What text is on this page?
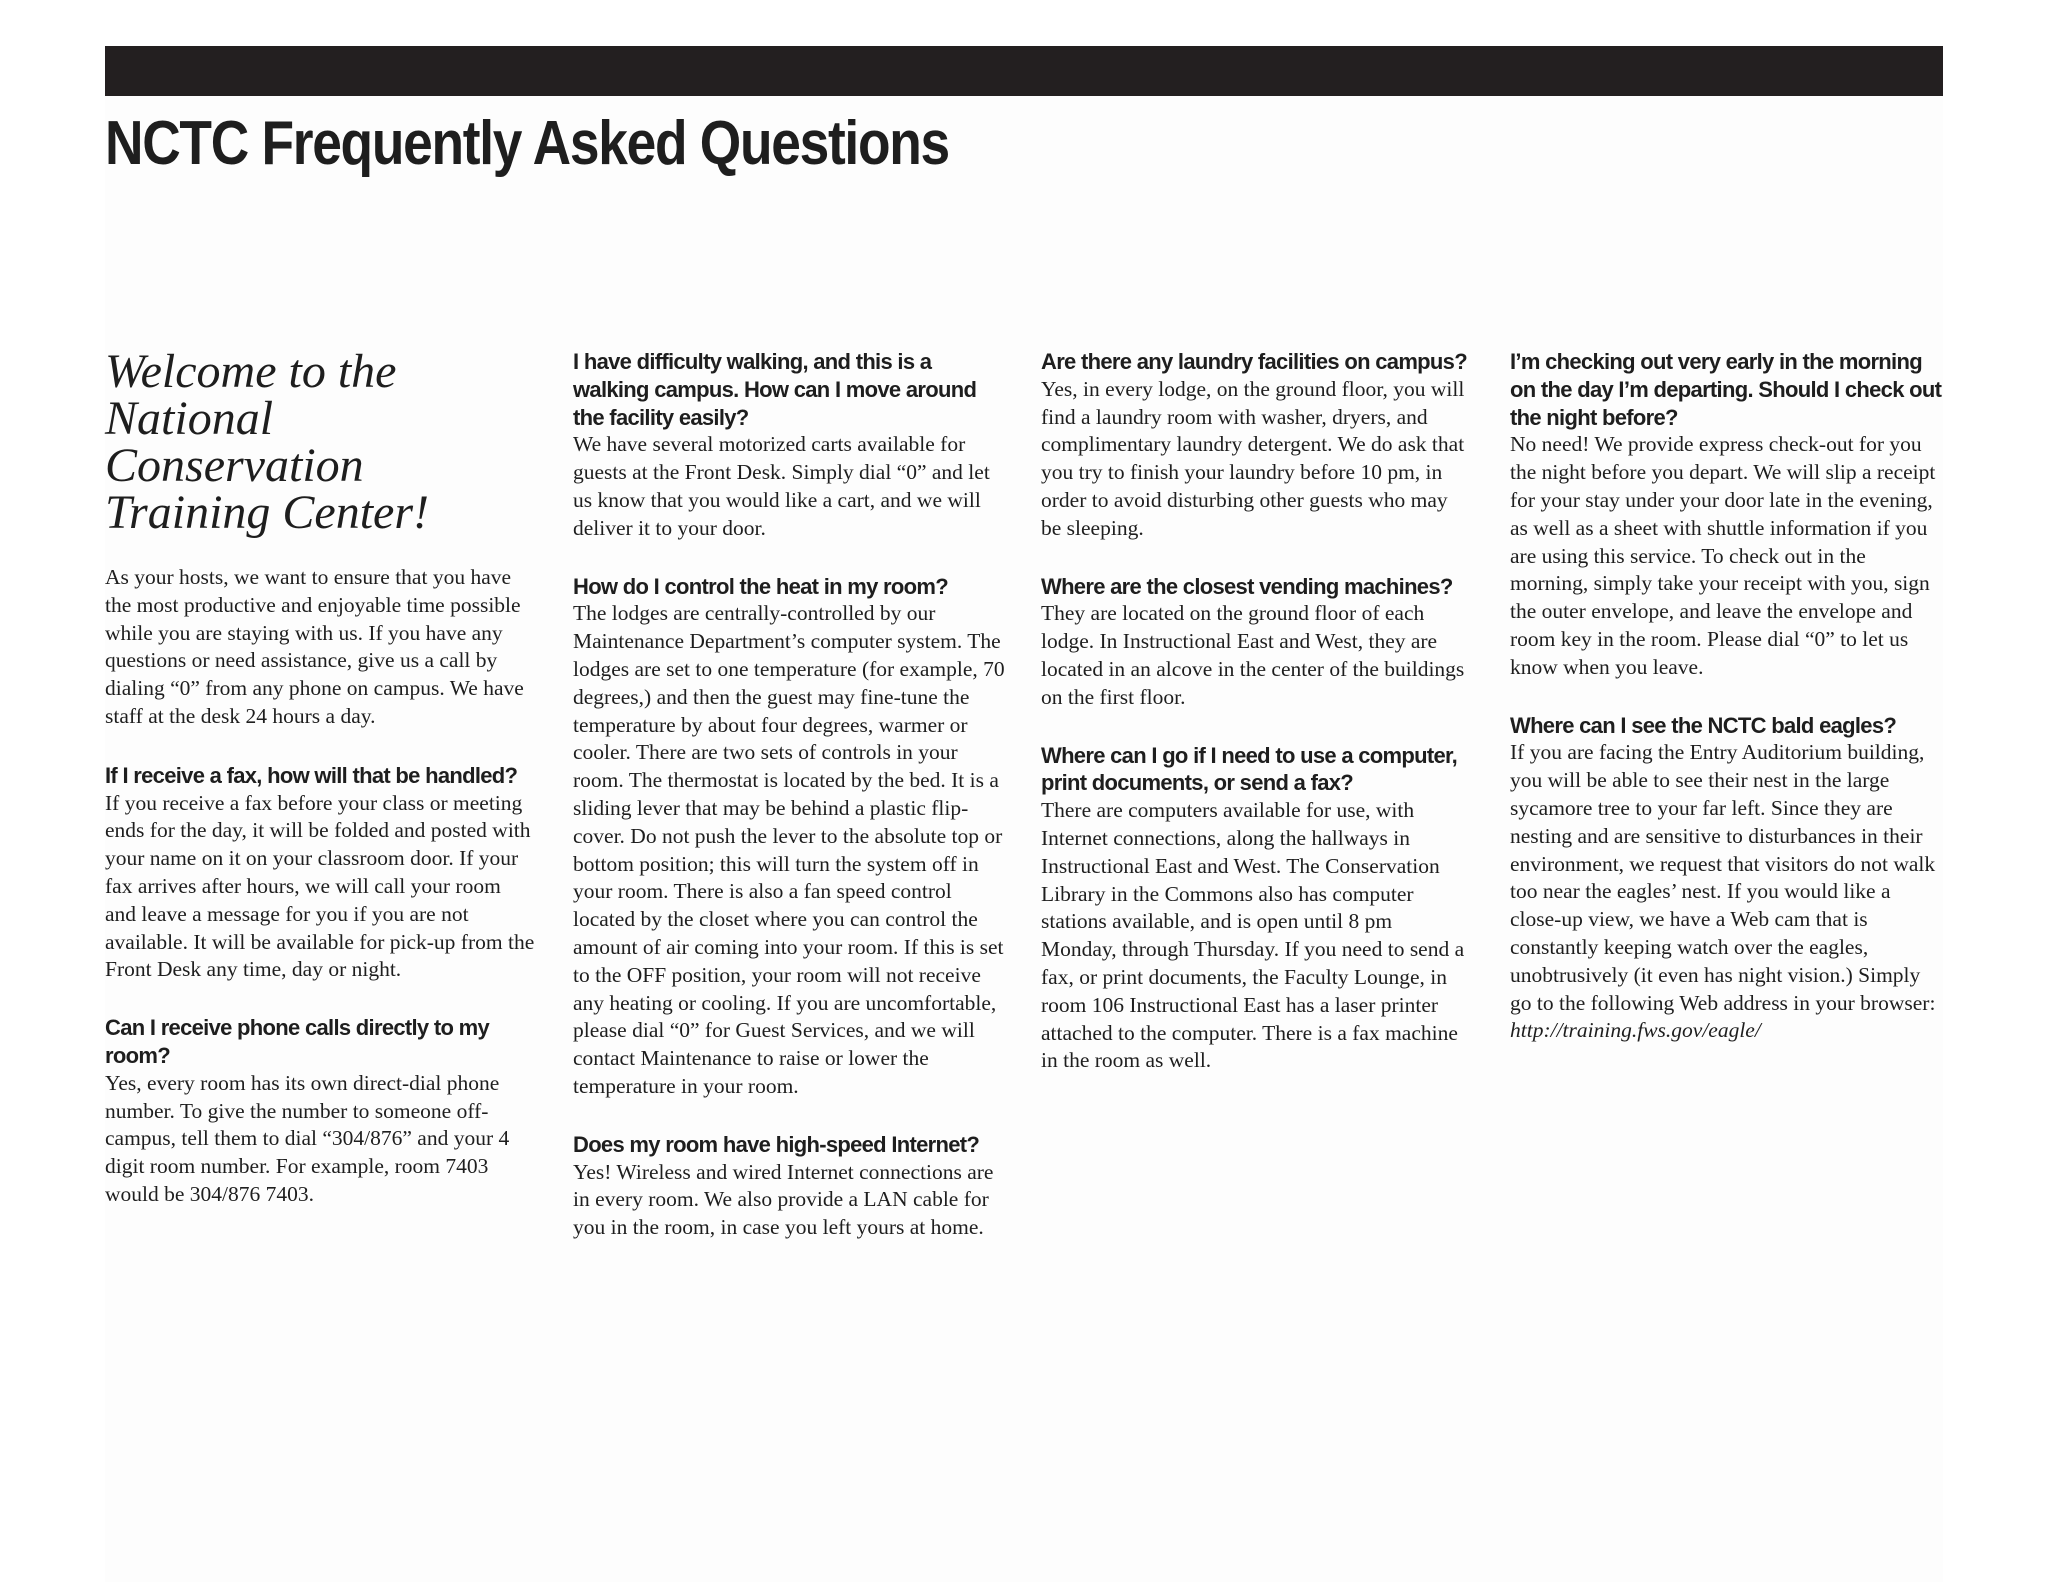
NCTC Frequently Asked Questions
Welcome to the National Conservation Training Center!

As your hosts, we want to ensure that you have the most productive and enjoyable time possible while you are staying with us. If you have any questions or need assistance, give us a call by dialing “0” from any phone on campus. We have staff at the desk 24 hours a day.

If I receive a fax, how will that be handled?

If you receive a fax before your class or meeting ends for the day, it will be folded and posted with your name on it on your classroom door. If your fax arrives after hours, we will call your room and leave a message for you if you are not available. It will be available for pick-up from the Front Desk any time, day or night.

Can I receive phone calls directly to my room?

Yes, every room has its own direct-dial phone number. To give the number to someone off-campus, tell them to dial “304/876” and your 4 digit room number. For example, room 7403 would be 304/876 7403.

I have difficulty walking, and this is a walking campus. How can I move around the facility easily?

We have several motorized carts available for guests at the Front Desk. Simply dial “0” and let us know that you would like a cart, and we will deliver it to your door.

How do I control the heat in my room?

The lodges are centrally-controlled by our Maintenance Department’s computer system. The lodges are set to one temperature (for example, 70 degrees,) and then the guest may fine-tune the temperature by about four degrees, warmer or cooler. There are two sets of controls in your room. The thermostat is located by the bed. It is a sliding lever that may be behind a plastic flip-cover. Do not push the lever to the absolute top or bottom position; this will turn the system off in your room. There is also a fan speed control located by the closet where you can control the amount of air coming into your room. If this is set to the OFF position, your room will not receive any heating or cooling. If you are uncomfortable, please dial “0” for Guest Services, and we will contact Maintenance to raise or lower the temperature in your room.

Does my room have high-speed Internet?

Yes! Wireless and wired Internet connections are in every room. We also provide a LAN cable for you in the room, in case you left yours at home.

Are there any laundry facilities on campus?

Yes, in every lodge, on the ground floor, you will find a laundry room with washer, dryers, and complimentary laundry detergent. We do ask that you try to finish your laundry before 10 pm, in order to avoid disturbing other guests who may be sleeping.

Where are the closest vending machines?

They are located on the ground floor of each lodge. In Instructional East and West, they are located in an alcove in the center of the buildings on the first floor.

Where can I go if I need to use a computer, print documents, or send a fax?

There are computers available for use, with Internet connections, along the hallways in Instructional East and West. The Conservation Library in the Commons also has computer stations available, and is open until 8 pm Monday, through Thursday. If you need to send a fax, or print documents, the Faculty Lounge, in room 106 Instructional East has a laser printer attached to the computer. There is a fax machine in the room as well.

I’m checking out very early in the morning on the day I’m departing. Should I check out the night before?

No need! We provide express check-out for you the night before you depart. We will slip a receipt for your stay under your door late in the evening, as well as a sheet with shuttle information if you are using this service. To check out in the morning, simply take your receipt with you, sign the outer envelope, and leave the envelope and room key in the room. Please dial “0” to let us know when you leave.

Where can I see the NCTC bald eagles?

If you are facing the Entry Auditorium building, you will be able to see their nest in the large sycamore tree to your far left. Since they are nesting and are sensitive to disturbances in their environment, we request that visitors do not walk too near the eagles’ nest. If you would like a close-up view, we have a Web cam that is constantly keeping watch over the eagles, unobtrusively (it even has night vision.) Simply go to the following Web address in your browser:

http://training.fws.gov/eagle/
